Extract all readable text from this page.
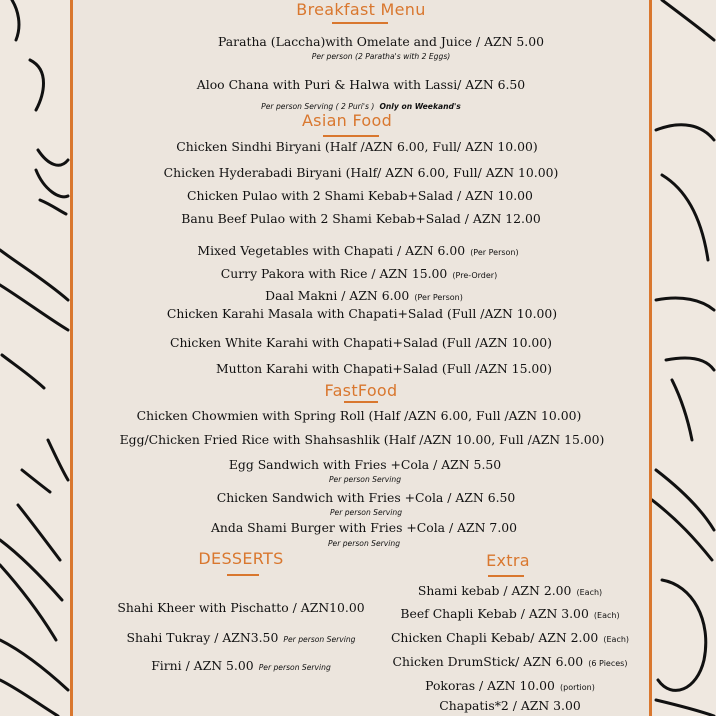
Breakfast Menu
Paratha (Laccha)with Omelate and Juice / AZN 5.00
Per person (2 Paratha's with 2 Eggs)
Aloo Chana with Puri & Halwa with Lassi/ AZN 6.50
Per person Serving ( 2 Puri's ) Only on Weekand's
Asian Food
Chicken Sindhi Biryani (Half /AZN 6.00, Full/ AZN 10.00)
Chicken Hyderabadi Biryani (Half/ AZN 6.00, Full/ AZN 10.00)
Chicken Pulao with 2 Shami Kebab+Salad / AZN 10.00
Banu Beef Pulao with 2 Shami Kebab+Salad / AZN 12.00
Mixed Vegetables with Chapati / AZN 6.00 (Per Person)
Curry Pakora with Rice / AZN 15.00 (Pre-Order)
Daal Makni / AZN 6.00 (Per Person)
Chicken Karahi Masala with Chapati+Salad (Full /AZN 10.00)
Chicken White Karahi with Chapati+Salad (Full /AZN 10.00)
Mutton Karahi with Chapati+Salad (Full /AZN 15.00)
FastFood
Chicken Chowmien with Spring Roll (Half /AZN 6.00, Full /AZN 10.00)
Egg/Chicken Fried Rice with Shahsashlik (Half /AZN 10.00, Full /AZN 15.00)
Egg Sandwich with Fries +Cola / AZN 5.50
Per person Serving
Chicken Sandwich with Fries +Cola / AZN 6.50
Per person Serving
Anda Shami Burger with Fries +Cola / AZN 7.00
Per person Serving
DESSERTS
Shahi Kheer with Pischatto / AZN10.00
Shahi Tukray / AZN3.50 Per person Serving
Firni / AZN 5.00 Per person Serving
Extra
Shami kebab / AZN 2.00 (Each)
Beef Chapli Kebab / AZN 3.00 (Each)
Chicken Chapli Kebab/ AZN 2.00 (Each)
Chicken DrumStick/ AZN 6.00 (6 Pieces)
Pokoras / AZN 10.00 (portion)
Chapatis*2 / AZN 3.00
